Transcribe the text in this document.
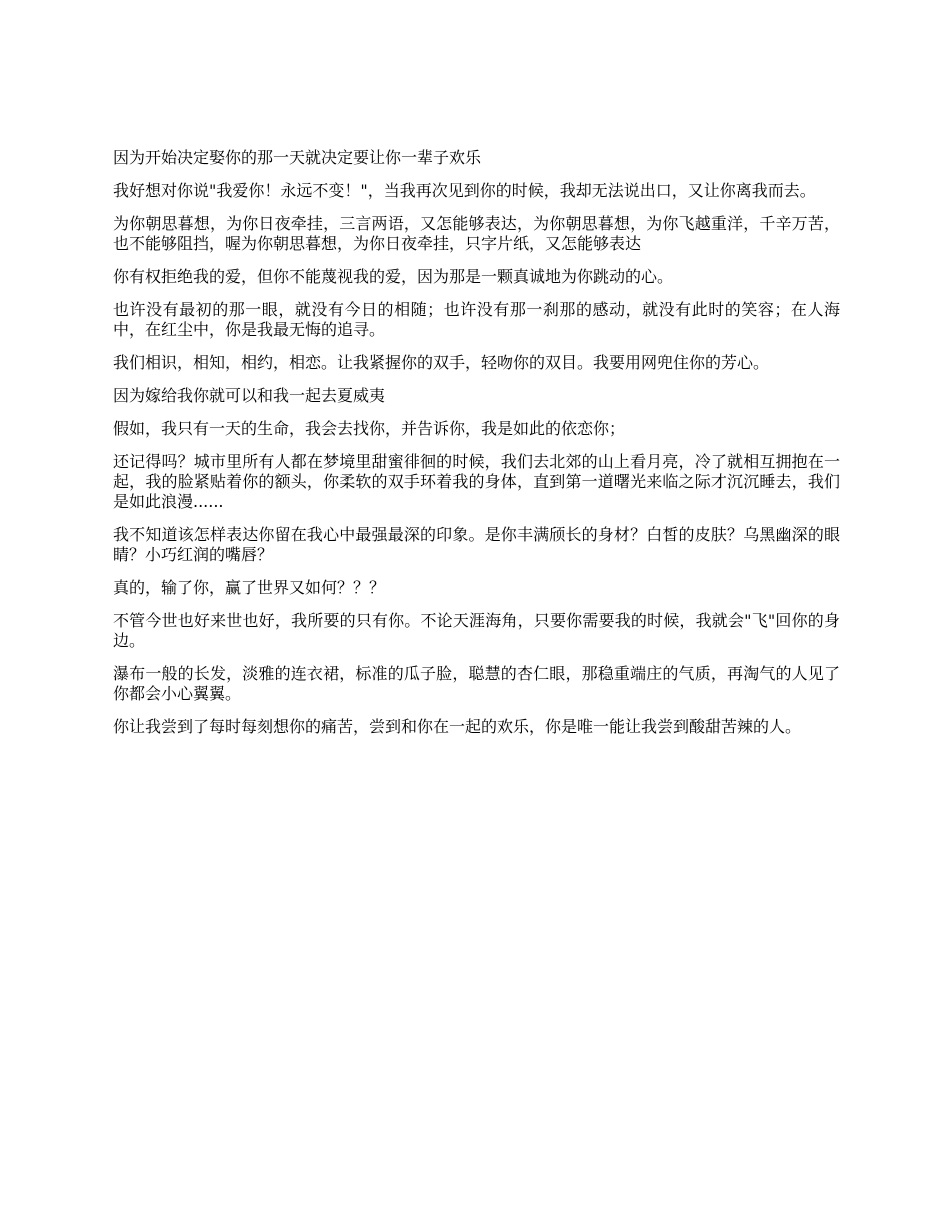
因为开始决定娶你的那一天就决定要让你一辈子欢乐

我好想对你说"我爱你！永远不变！"，当我再次见到你的时候，我却无法说出口，又让你离我而去。

为你朝思暮想，为你日夜牵挂，三言两语，又怎能够表达，为你朝思暮想，为你飞越重洋，千辛万苦，也不能够阻挡，喔为你朝思暮想，为你日夜牵挂，只字片纸，又怎能够表达

你有权拒绝我的爱，但你不能蔑视我的爱，因为那是一颗真诚地为你跳动的心。

也许没有最初的那一眼，就没有今日的相随；也许没有那一刹那的感动，就没有此时的笑容；在人海中，在红尘中，你是我最无悔的追寻。

我们相识，相知，相约，相恋。让我紧握你的双手，轻吻你的双目。我要用网兜住你的芳心。

因为嫁给我你就可以和我一起去夏威夷

假如，我只有一天的生命，我会去找你，并告诉你，我是如此的依恋你；

还记得吗？城市里所有人都在梦境里甜蜜徘徊的时候，我们去北郊的山上看月亮，冷了就相互拥抱在一起，我的脸紧贴着你的额头，你柔软的双手环着我的身体，直到第一道曙光来临之际才沉沉睡去，我们是如此浪漫......

我不知道该怎样表达你留在我心中最强最深的印象。是你丰满颀长的身材？白皙的皮肤？乌黑幽深的眼睛？小巧红润的嘴唇？

真的，输了你，赢了世界又如何？？？

不管今世也好来世也好，我所要的只有你。不论天涯海角，只要你需要我的时候，我就会"飞"回你的身边。

瀑布一般的长发，淡雅的连衣裙，标准的瓜子脸，聪慧的杏仁眼，那稳重端庄的气质，再淘气的人见了你都会小心翼翼。

你让我尝到了每时每刻想你的痛苦，尝到和你在一起的欢乐，你是唯一能让我尝到酸甜苦辣的人。
